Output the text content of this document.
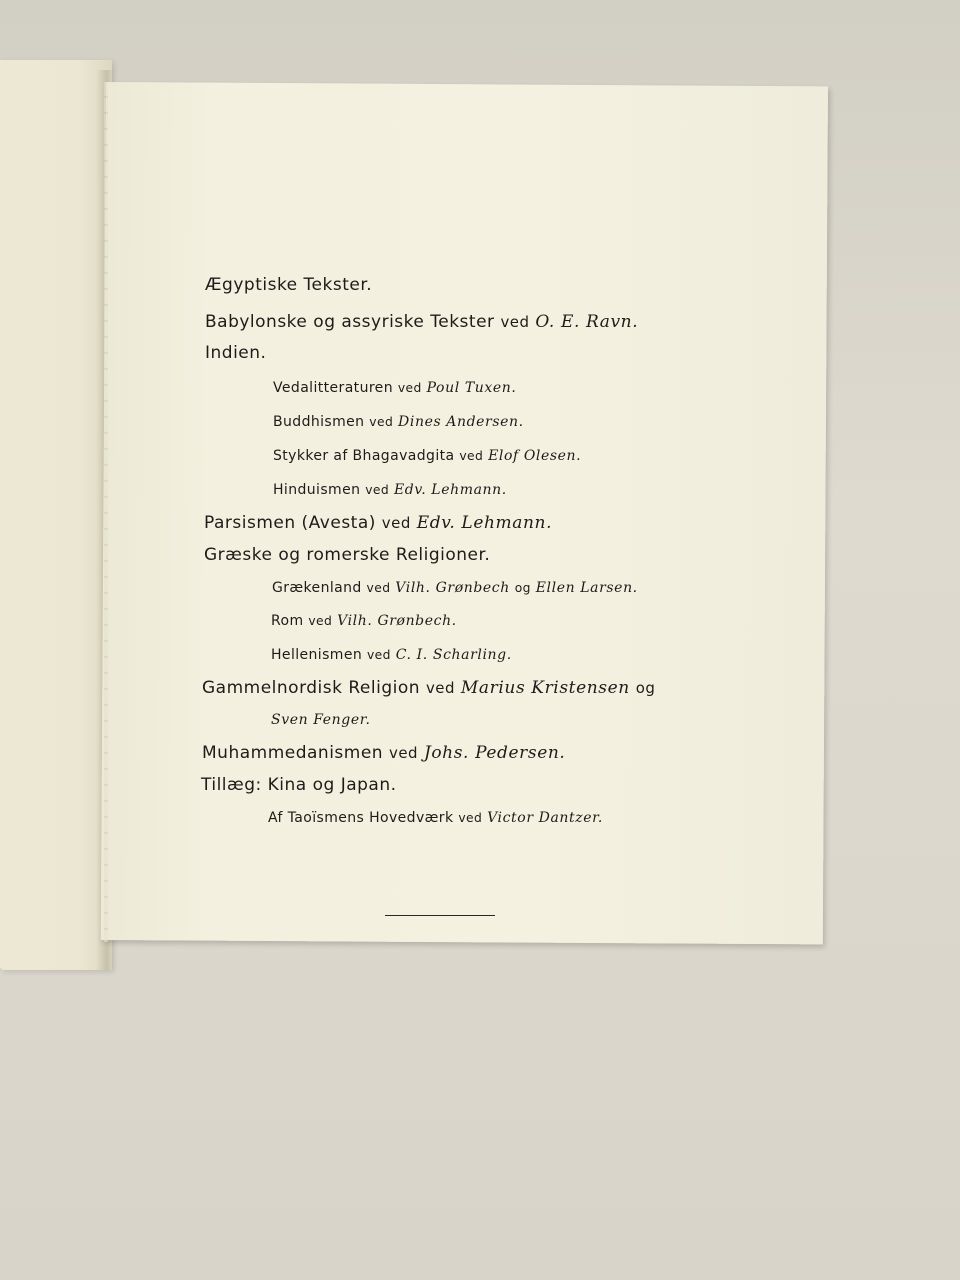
Ægyptiske Tekster.
Babylonske og assyriske Tekster ved O. E. Ravn.
Indien.
Vedalitteraturen ved Poul Tuxen.
Buddhismen ved Dines Andersen.
Stykker af Bhagavadgita ved Elof Olesen.
Hinduismen ved Edv. Lehmann.
Parsismen (Avesta) ved Edv. Lehmann.
Græske og romerske Religioner.
Grækenland ved Vilh. Grønbech og Ellen Larsen.
Rom ved Vilh. Grønbech.
Hellenismen ved C. I. Scharling.
Gammelnordisk Religion ved Marius Kristensen og
Sven Fenger.
Muhammedanismen ved Johs. Pedersen.
Tillæg: Kina og Japan.
Af Taoïsmens Hovedværk ved Victor Dantzer.
